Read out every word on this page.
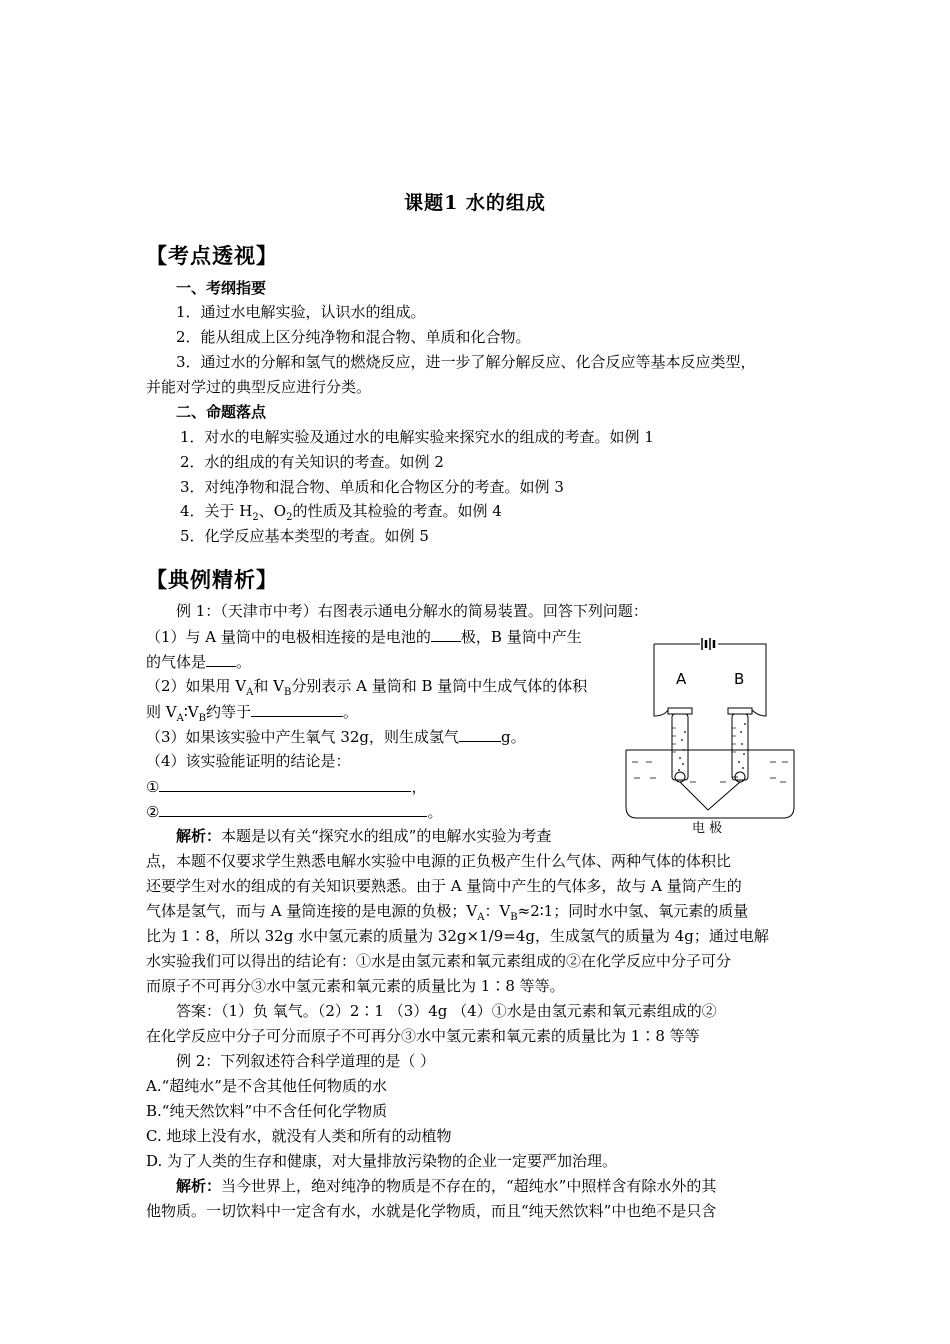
课题1 水的组成
【考点透视】
一、考纲指要
1．通过水电解实验，认识水的组成。
2．能从组成上区分纯净物和混合物、单质和化合物。
3．通过水的分解和氢气的燃烧反应，进一步了解分解反应、化合反应等基本反应类型，
并能对学过的典型反应进行分类。
二、命题落点
1．对水的电解实验及通过水的电解实验来探究水的组成的考查。如例 1
2．水的组成的有关知识的考查。如例 2
3．对纯净物和混合物、单质和化合物区分的考查。如例 3
4．关于 $H_2$、$O_2$的性质及其检验的考查。如例 4
5．化学反应基本类型的考查。如例 5
【典例精析】
例 1：（天津市中考）右图表示通电分解水的简易装置。回答下列问题：
（1）与 A 量筒中的电极相连接的是电池的 极，B 量筒中产生
的气体是 。
（2）如果用 $V_A$和 $V_B$分别表示 A 量筒和 B 量筒中生成气体的体积
则 $V_A∶V_B$约等于	。
（3）如果该实验中产生氧气 32g，则生成氢气	g。
（4）该实验能证明的结论是：
①	，
②	。
解析：本题是以有关“探究水的组成”的电解水实验为考查
点，本题不仅要求学生熟悉电解水实验中电源的正负极产生什么气体、两种气体的体积比
还要学生对水的组成的有关知识要熟悉。由于 A 量筒中产生的气体多，故与 A 量筒产生的
气体是氢气，而与 A 量筒连接的是电源的负极；$V_A$：$V_B\approx 2∶1$；同时水中氢、氧元素的质量
比为 1∶8，所以 32g 水中氢元素的质量为 32g×1/9=4g，生成氢气的质量为 4g；通过电解
水实验我们可以得出的结论有：①水是由氢元素和氧元素组成的②在化学反应中分子可分
而原子不可再分③水中氢元素和氧元素的质量比为 1∶8 等等。
答案：（1）负 氧气。（2）2∶1 （3）4g （4）①水是由氢元素和氧元素组成的②
在化学反应中分子可分而原子不可再分③水中氢元素和氧元素的质量比为 1∶8 等等
例 2：下列叙述符合科学道理的是（ ）
A.“超纯水”是不含其他任何物质的水
B.“纯天然饮料”中不含任何化学物质
C. 地球上没有水，就没有人类和所有的动植物
D. 为了人类的生存和健康，对大量排放污染物的企业一定要严加治理。
解析：当今世界上，绝对纯净的物质是不存在的，“超纯水”中照样含有除水外的其
他物质。一切饮料中一定含有水，水就是化学物质，而且“纯天然饮料”中也绝不是只含
A	B
电 极
